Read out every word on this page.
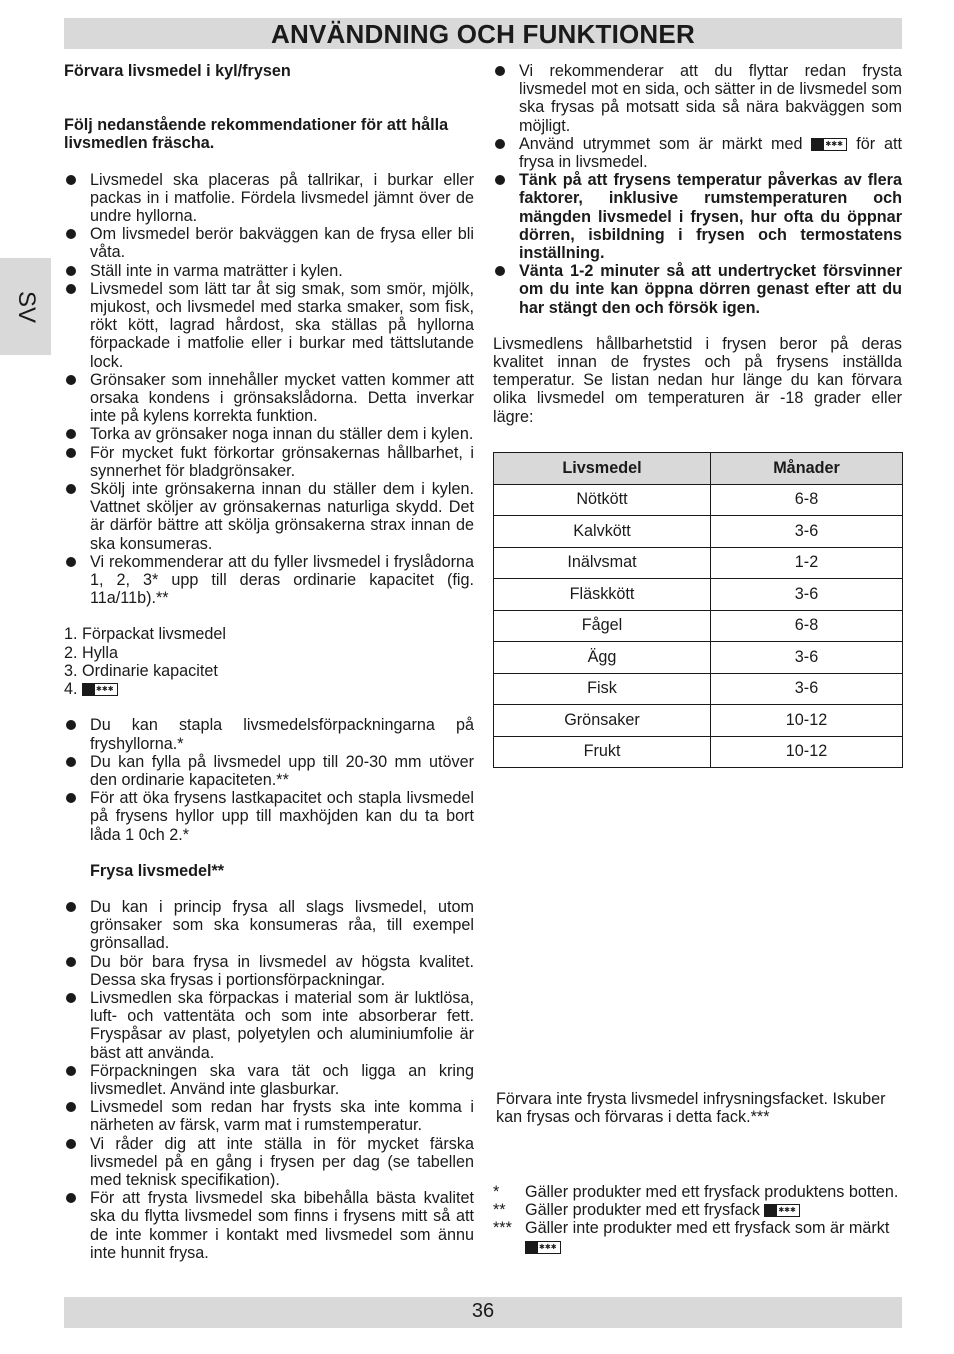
ANVÄNDNING OCH FUNKTIONER
SV

Förvara livsmedel i kyl/frysen

Följ nedanstående rekommendationer för att hålla livsmedlen fräscha.

Livsmedel ska placeras på tallrikar, i burkar eller packas in i matfolie. Fördela livsmedel jämnt över de undre hyllorna.
Om livsmedel berör bakväggen kan de frysa eller bli våta.
Ställ inte in varma maträtter i kylen.
Livsmedel som lätt tar åt sig smak, som smör, mjölk, mjukost, och livsmedel med starka smaker, som fisk, rökt kött, lagrad hårdost, ska ställas på hyllorna förpackade i matfolie eller i burkar med tättslutande lock.
Grönsaker som innehåller mycket vatten kommer att orsaka kondens i grönsakslådorna. Detta inverkar inte på kylens korrekta funktion.
Torka av grönsaker noga innan du ställer dem i kylen.
För mycket fukt förkortar grönsakernas hållbarhet, i synnerhet för bladgrönsaker.
Skölj inte grönsakerna innan du ställer dem i kylen. Vattnet sköljer av grönsakernas naturliga skydd. Det är därför bättre att skölja grönsakerna strax innan de ska konsumeras.
Vi rekommenderar att du fyller livsmedel i fryslådorna 1, 2, 3* upp till deras ordinarie kapacitet (fig. 11a/11b).**
1. Förpackat livsmedel
2. Hylla
3. Ordinarie kapacitet
4. ✱✱✱
Du kan stapla livsmedelsförpackningarna på fryshyllorna.*
Du kan fylla på livsmedel upp till 20-30 mm utöver den ordinarie kapaciteten.**
För att öka frysens lastkapacitet och stapla livsmedel på frysens hyllor upp till maxhöjden kan du ta bort låda 1 0ch 2.*

Frysa livsmedel**

Du kan i princip frysa all slags livsmedel, utom grönsaker som ska konsumeras råa, till exempel grönsallad.
Du bör bara frysa in livsmedel av högsta kvalitet. Dessa ska frysas i portionsförpackningar.
Livsmedlen ska förpackas i material som är luktlösa, luft- och vattentäta och som inte absorberar fett. Fryspåsar av plast, polyetylen och aluminiumfolie är bäst att använda.
Förpackningen ska vara tät och ligga an kring livsmedlet. Använd inte glasburkar.
Livsmedel som redan har frysts ska inte komma i närheten av färsk, varm mat i rumstemperatur.
Vi råder dig att inte ställa in för mycket färska livsmedel på en gång i frysen per dag (se tabellen med teknisk specifikation).
För att frysta livsmedel ska bibehålla bästa kvalitet ska du flytta livsmedel som finns i frysens mitt så att de inte kommer i kontakt med livsmedel som ännu inte hunnit frysa.
Vi rekommenderar att du flyttar redan frysta livsmedel mot en sida, och sätter in de livsmedel som ska frysas på motsatt sida så nära bakväggen som möjligt.
Använd utrymmet som är märkt med ✱✱✱	för att frysa in livsmedel.
Tänk på att frysens temperatur påverkas av flera faktorer, inklusive rumstemperaturen och mängden livsmedel i frysen, hur ofta du öppnar dörren, isbildning i frysen och termostatens inställning.
Vänta 1-2 minuter så att undertrycket försvinner om du inte kan öppna dörren genast efter att du har stängt den och försök igen.

Livsmedlens hållbarhetstid i frysen beror på deras kvalitet innan de frystes och på frysens inställda temperatur. Se listan nedan hur länge du kan förvara olika livsmedel om temperaturen är -18 grader eller lägre:

Livsmedel	Månader
Nötkött	6-8
Kalvkött	3-6
Inälvsmat	1-2
Fläskkött	3-6
Fågel	6-8
Ägg	3-6
Fisk	3-6
Grönsaker	10-12
Frukt	10-12

Förvara inte frysta livsmedel infrysningsfacket. Iskuber kan frysas och förvaras i detta fack.***

* Gäller produkter med ett frysfack produktens botten.
** Gäller produkter med ett frysfack ✱✱✱
*** Gäller inte produkter med ett frysfack som är märkt ✱✱✱
36
